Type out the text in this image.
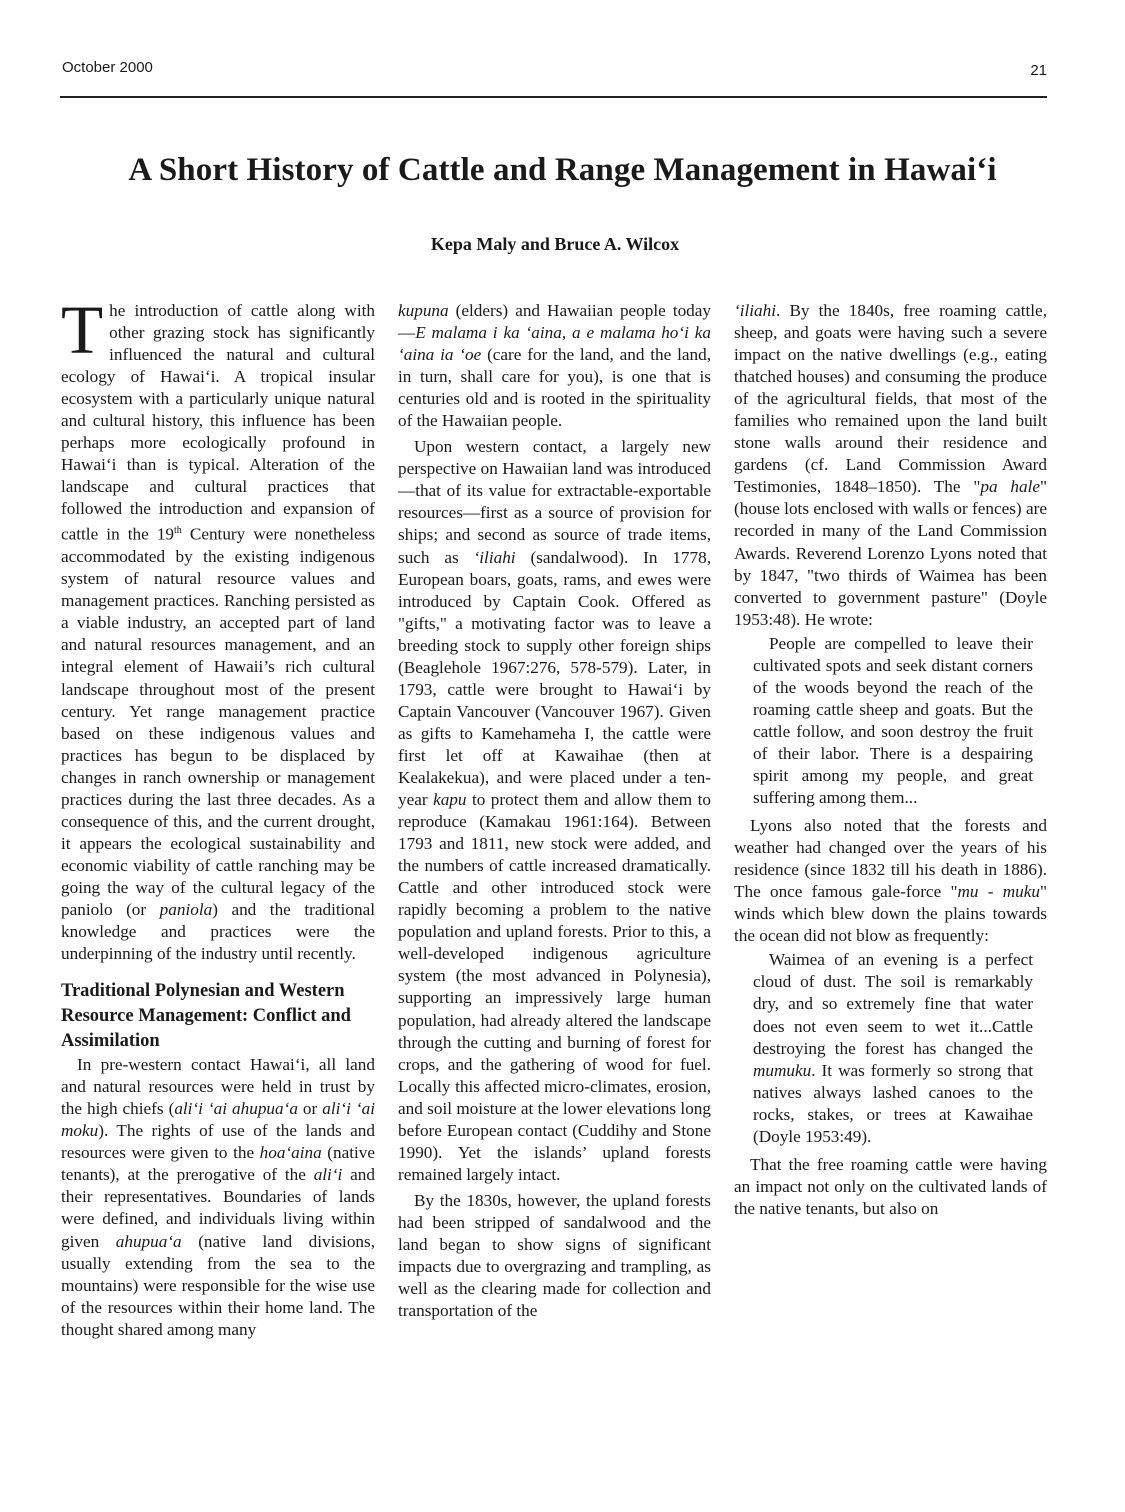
October 2000	21
A Short History of Cattle and Range Management in Hawai‘i
Kepa Maly and Bruce A. Wilcox

The introduction of cattle along with other grazing stock has significantly influenced the natural and cultural ecology of Hawai‘i. A tropical insular ecosystem with a particularly unique natural and cultural history, this influence has been perhaps more ecologically profound in Hawai‘i than is typical. Alteration of the landscape and cultural practices that followed the introduction and expansion of cattle in the 19th Century were nonetheless accommodated by the existing indigenous system of natural resource values and management practices. Ranching persisted as a viable industry, an accepted part of land and natural resources management, and an integral element of Hawaii’s rich cultural landscape throughout most of the present century. Yet range management practice based on these indigenous values and practices has begun to be displaced by changes in ranch ownership or management practices during the last three decades. As a consequence of this, and the current drought, it appears the ecological sustainability and economic viability of cattle ranching may be going the way of the cultural legacy of the paniolo (or paniola) and the traditional knowledge and practices were the underpinning of the industry until recently.

Traditional Polynesian and Western Resource Management: Conflict and Assimilation

In pre-western contact Hawai‘i, all land and natural resources were held in trust by the high chiefs (ali‘i ‘ai ahupua‘a or ali‘i ‘ai moku). The rights of use of the lands and resources were given to the hoa‘aina (native tenants), at the prerogative of the ali‘i and their representatives. Boundaries of lands were defined, and individuals living within given ahupua‘a (native land divisions, usually extending from the sea to the mountains) were responsible for the wise use of the resources within their home land. The thought shared among many

kupuna (elders) and Hawaiian people today—E malama i ka ‘aina, a e malama ho‘i ka ‘aina ia ‘oe (care for the land, and the land, in turn, shall care for you), is one that is centuries old and is rooted in the spirituality of the Hawaiian people.

Upon western contact, a largely new perspective on Hawaiian land was introduced—that of its value for extractable-exportable resources—first as a source of provision for ships; and second as source of trade items, such as ‘iliahi (sandalwood). In 1778, European boars, goats, rams, and ewes were introduced by Captain Cook. Offered as "gifts," a motivating factor was to leave a breeding stock to supply other foreign ships (Beaglehole 1967:276, 578-579). Later, in 1793, cattle were brought to Hawai‘i by Captain Vancouver (Vancouver 1967). Given as gifts to Kamehameha I, the cattle were first let off at Kawaihae (then at Kealakekua), and were placed under a ten-year kapu to protect them and allow them to reproduce (Kamakau 1961:164). Between 1793 and 1811, new stock were added, and the numbers of cattle increased dramatically. Cattle and other introduced stock were rapidly becoming a problem to the native population and upland forests. Prior to this, a well-developed indigenous agriculture system (the most advanced in Polynesia), supporting an impressively large human population, had already altered the landscape through the cutting and burning of forest for crops, and the gathering of wood for fuel. Locally this affected micro-climates, erosion, and soil moisture at the lower elevations long before European contact (Cuddihy and Stone 1990). Yet the islands’ upland forests remained largely intact.

By the 1830s, however, the upland forests had been stripped of sandalwood and the land began to show signs of significant impacts due to overgrazing and trampling, as well as the clearing made for collection and transportation of the

‘iliahi. By the 1840s, free roaming cattle, sheep, and goats were having such a severe impact on the native dwellings (e.g., eating thatched houses) and consuming the produce of the agricultural fields, that most of the families who remained upon the land built stone walls around their residence and gardens (cf. Land Commission Award Testimonies, 1848–1850). The "pa hale" (house lots enclosed with walls or fences) are recorded in many of the Land Commission Awards. Reverend Lorenzo Lyons noted that by 1847, "two thirds of Waimea has been converted to government pasture" (Doyle 1953:48). He wrote:

People are compelled to leave their cultivated spots and seek distant corners of the woods beyond the reach of the roaming cattle sheep and goats. But the cattle follow, and soon destroy the fruit of their labor. There is a despairing spirit among my people, and great suffering among them...

Lyons also noted that the forests and weather had changed over the years of his residence (since 1832 till his death in 1886). The once famous gale-force "mu - muku" winds which blew down the plains towards the ocean did not blow as frequently:

Waimea of an evening is a perfect cloud of dust. The soil is remarkably dry, and so extremely fine that water does not even seem to wet it...Cattle destroying the forest has changed the mumuku. It was formerly so strong that natives always lashed canoes to the rocks, stakes, or trees at Kawaihae (Doyle 1953:49).

That the free roaming cattle were having an impact not only on the cultivated lands of the native tenants, but also on
